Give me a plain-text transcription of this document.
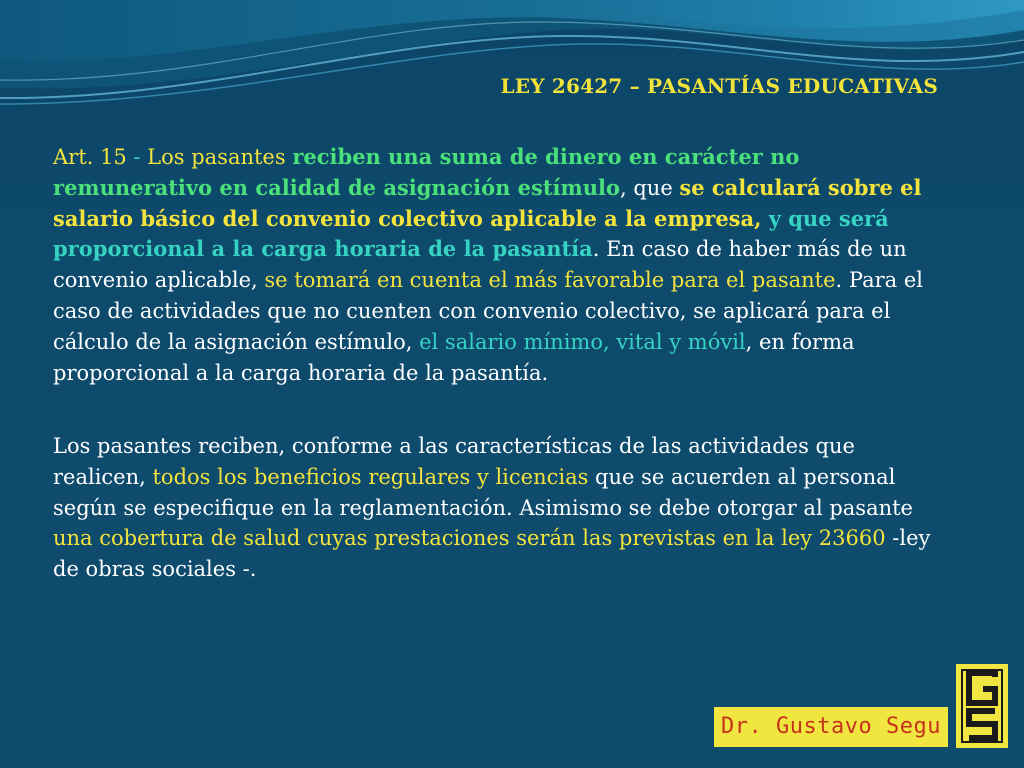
LEY 26427 – PASANTÍAS EDUCATIVAS

Art. 15 - Los pasantes reciben una suma de dinero en carácter no remunerativo en calidad de asignación estímulo, que se calculará sobre el salario básico del convenio colectivo aplicable a la empresa, y que será proporcional a la carga horaria de la pasantía. En caso de haber más de un convenio aplicable, se tomará en cuenta el más favorable para el pasante. Para el caso de actividades que no cuenten con convenio colectivo, se aplicará para el cálculo de la asignación estímulo, el salario mínimo, vital y móvil, en forma proporcional a la carga horaria de la pasantía.

Los pasantes reciben, conforme a las características de las actividades que realicen, todos los beneficios regulares y licencias que se acuerden al personal según se especifique en la reglamentación. Asimismo se debe otorgar al pasante una cobertura de salud cuyas prestaciones serán las previstas en la ley 23660 -ley de obras sociales -.

Dr. Gustavo Segu
